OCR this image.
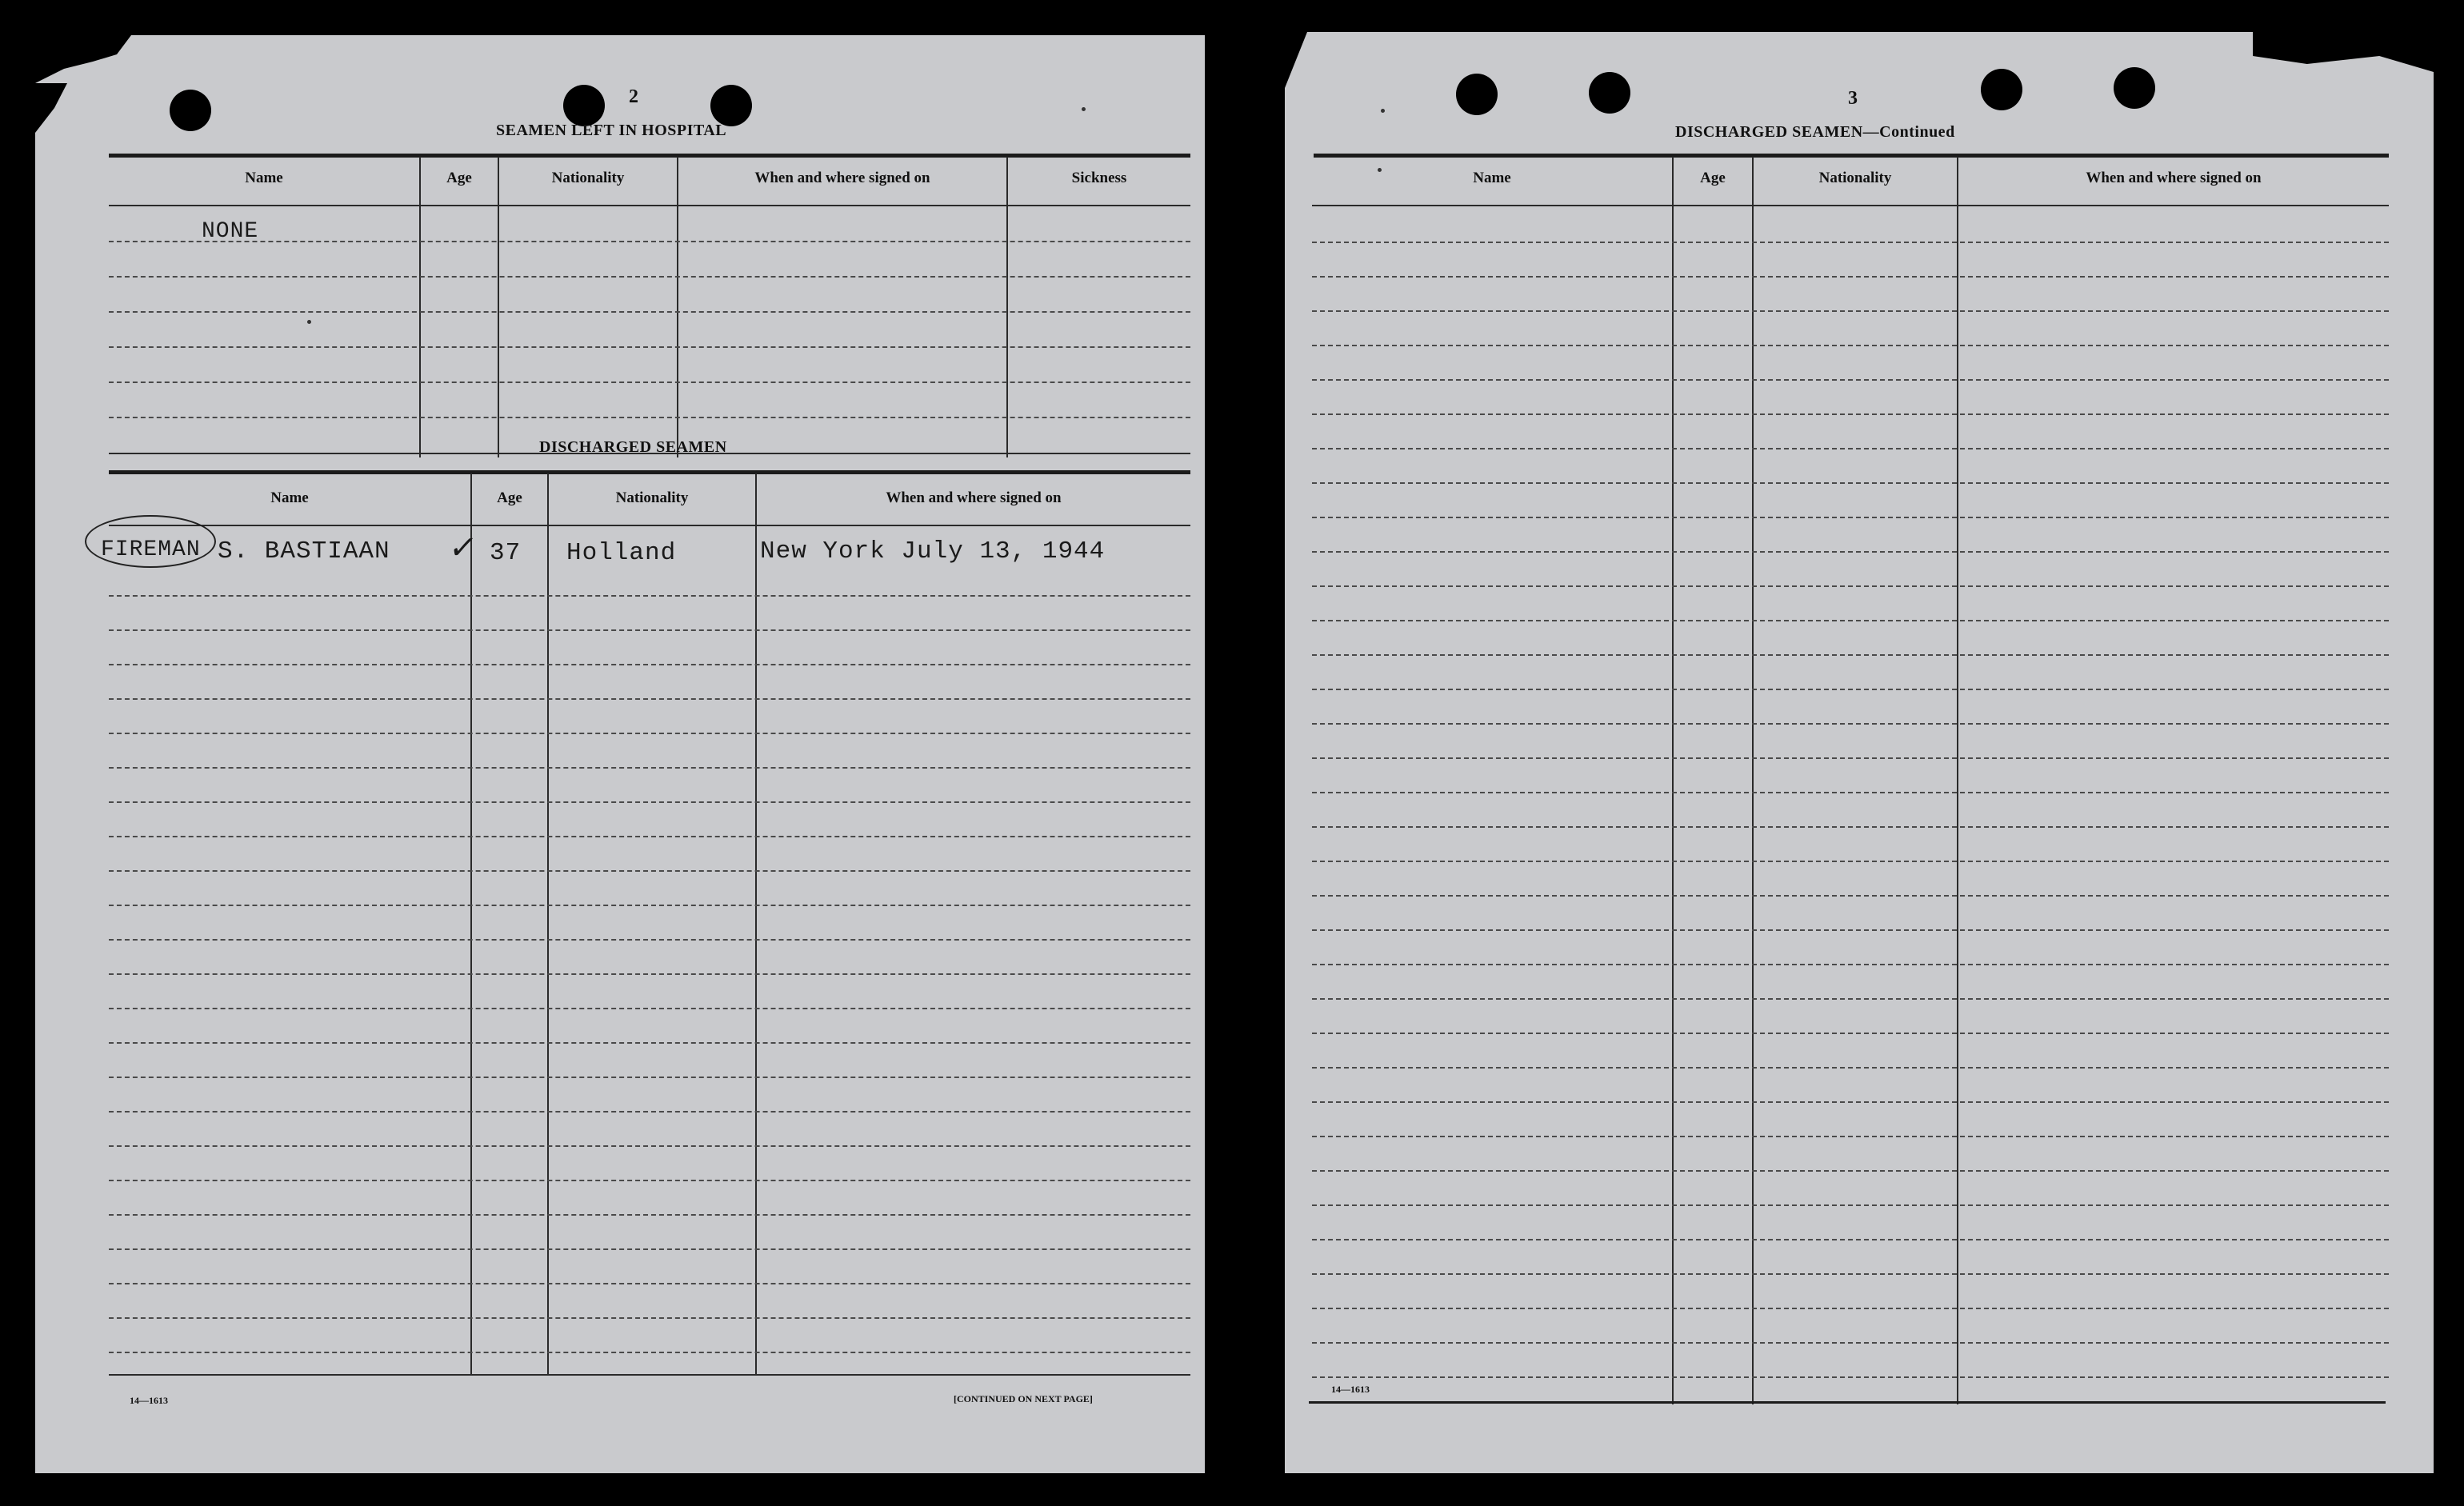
2
SEAMEN LEFT IN HOSPITAL
Name	Age	Nationality	When and where signed on	Sickness
NONE
DISCHARGED SEAMEN
Name	Age	Nationality	When and where signed on
FIREMAN S. BASTIAAN ✓ 37 Holland	New York July 13, 1944
14—1613	[CONTINUED ON NEXT PAGE]
3
DISCHARGED SEAMEN—Continued
Name	Age	Nationality	When and where signed on
14—1613
